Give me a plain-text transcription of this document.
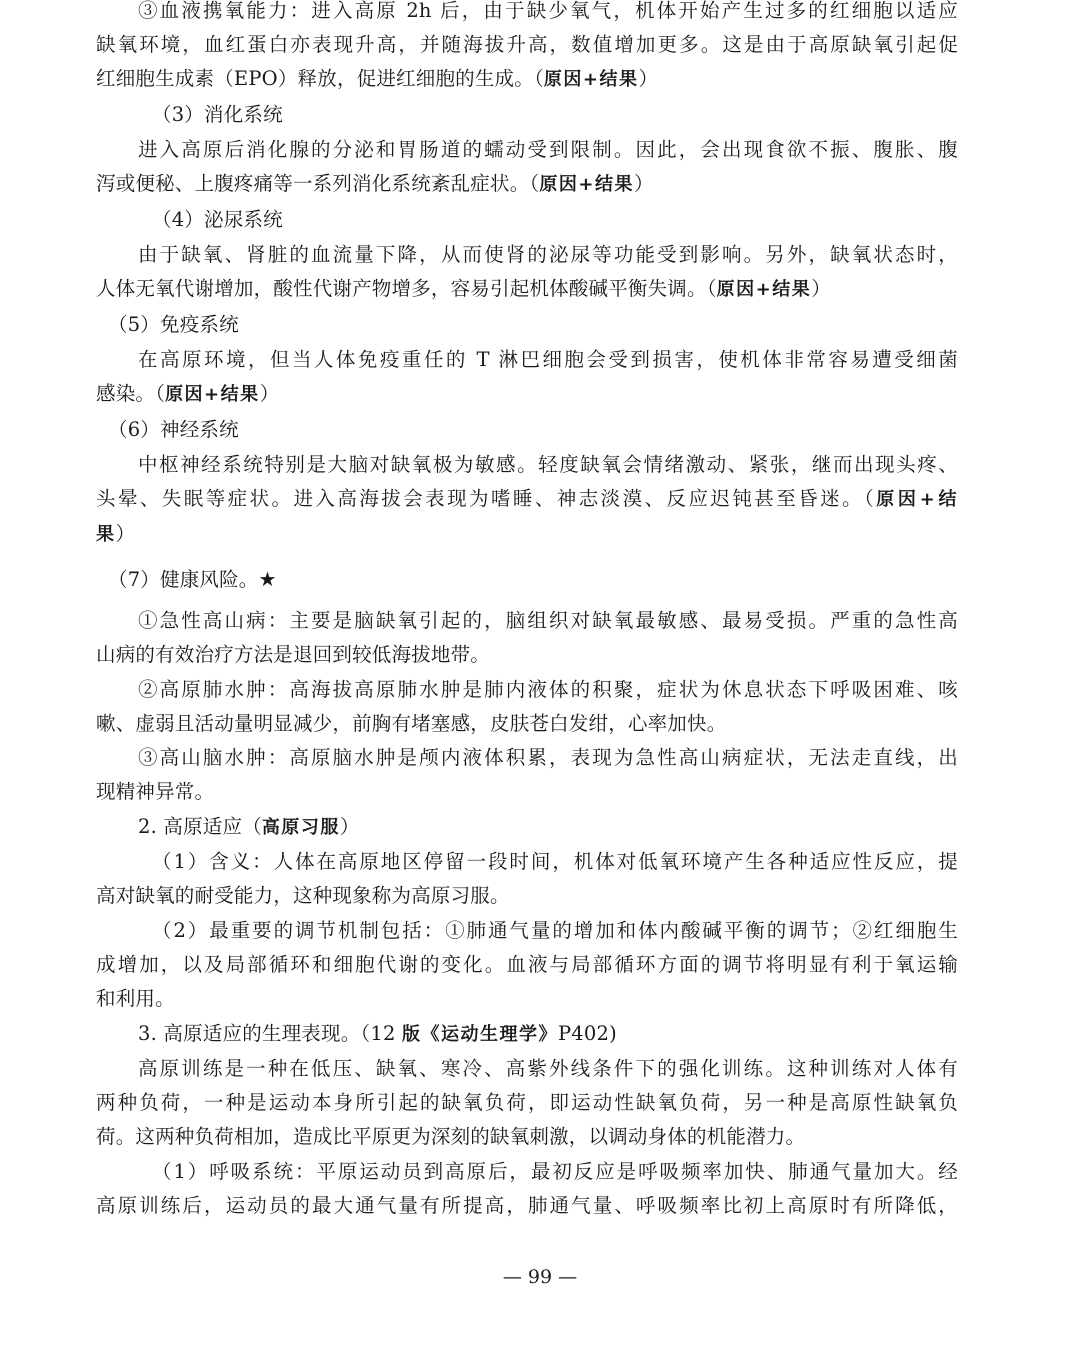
③血液携氧能力：进入高原 2h 后，由于缺少氧气，机体开始产生过多的红细胞以适应
缺氧环境，血红蛋白亦表现升高，并随海拔升高，数值增加更多。这是由于高原缺氧引起促
红细胞生成素（EPO）释放，促进红细胞的生成。（原因+结果）
（3）消化系统
进入高原后消化腺的分泌和胃肠道的蠕动受到限制。因此，会出现食欲不振、腹胀、腹
泻或便秘、上腹疼痛等一系列消化系统紊乱症状。（原因+结果）
（4）泌尿系统
由于缺氧、肾脏的血流量下降，从而使肾的泌尿等功能受到影响。另外，缺氧状态时，
人体无氧代谢增加，酸性代谢产物增多，容易引起机体酸碱平衡失调。（原因+结果）
（5）免疫系统
在高原环境，但当人体免疫重任的 T 淋巴细胞会受到损害，使机体非常容易遭受细菌
感染。（原因+结果）
（6）神经系统
中枢神经系统特别是大脑对缺氧极为敏感。轻度缺氧会情绪激动、紧张，继而出现头疼、
头晕、失眠等症状。进入高海拔会表现为嗜睡、神志淡漠、反应迟钝甚至昏迷。（原因+结
果）
（7）健康风险。★
①急性高山病：主要是脑缺氧引起的，脑组织对缺氧最敏感、最易受损。严重的急性高
山病的有效治疗方法是退回到较低海拔地带。
②高原肺水肿：高海拔高原肺水肿是肺内液体的积聚，症状为休息状态下呼吸困难、咳
嗽、虚弱且活动量明显减少，前胸有堵塞感，皮肤苍白发绀，心率加快。
③高山脑水肿：高原脑水肿是颅内液体积累，表现为急性高山病症状，无法走直线，出
现精神异常。
2. 高原适应（高原习服）
（1）含义：人体在高原地区停留一段时间，机体对低氧环境产生各种适应性反应，提
高对缺氧的耐受能力，这种现象称为高原习服。
（2）最重要的调节机制包括：①肺通气量的增加和体内酸碱平衡的调节；②红细胞生
成增加，以及局部循环和细胞代谢的变化。血液与局部循环方面的调节将明显有利于氧运输
和利用。
3. 高原适应的生理表现。（12 版《运动生理学》P402)
高原训练是一种在低压、缺氧、寒冷、高紫外线条件下的强化训练。这种训练对人体有
两种负荷，一种是运动本身所引起的缺氧负荷，即运动性缺氧负荷，另一种是高原性缺氧负
荷。这两种负荷相加，造成比平原更为深刻的缺氧刺激，以调动身体的机能潜力。
（1）呼吸系统：平原运动员到高原后，最初反应是呼吸频率加快、肺通气量加大。经
高原训练后，运动员的最大通气量有所提高，肺通气量、呼吸频率比初上高原时有所降低，
— 99 —
